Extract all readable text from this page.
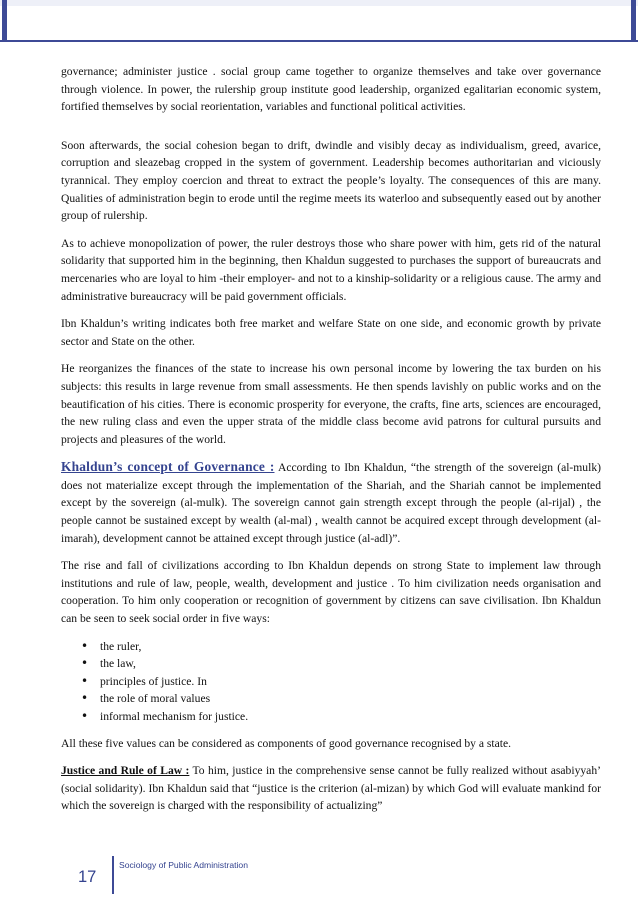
governance; administer justice . social group came together to organize themselves and take over governance through violence. In power, the rulership group institute good leadership, organized egalitarian economic system, fortified themselves by social reorientation, variables and functional political activities.

Soon afterwards, the social cohesion began to drift, dwindle and visibly decay as individualism, greed, avarice, corruption and sleazebag cropped in the system of government. Leadership becomes authoritarian and viciously tyrannical. They employ coercion and threat to extract the people’s loyalty. The consequences of this are many. Qualities of administration begin to erode until the regime meets its waterloo and subsequently eased out by another group of rulership.

As to achieve monopolization of power, the ruler destroys those who share power with him, gets rid of the natural solidarity that supported him in the beginning, then Khaldun suggested to purchases the support of bureaucrats and mercenaries who are loyal to him -their employer- and not to a kinship-solidarity or a religious cause. The army and administrative bureaucracy will be paid government officials.

Ibn Khaldun’s writing indicates both free market and welfare State on one side, and economic growth by private sector and State on the other.

He reorganizes the finances of the state to increase his own personal income by lowering the tax burden on his subjects: this results in large revenue from small assessments. He then spends lavishly on public works and on the beautification of his cities. There is economic prosperity for everyone, the crafts, fine arts, sciences are encouraged, the new ruling class and even the upper strata of the middle class become avid patrons for cultural pursuits and projects and pleasures of the world.

Khaldun’s concept of Governance : According to Ibn Khaldun, “the strength of the sovereign (al-mulk) does not materialize except through the implementation of the Shariah, and the Shariah cannot be implemented except by the sovereign (al-mulk). The sovereign cannot gain strength except through the people (al-rijal) , the people cannot be sustained except by wealth (al-mal) , wealth cannot be acquired except through development (al-imarah), development cannot be attained except through justice (al-adl)”.

The rise and fall of civilizations according to Ibn Khaldun depends on strong State to implement law through institutions and rule of law, people, wealth, development and justice . To him civilization needs organisation and cooperation. To him only cooperation or recognition of government by citizens can save civilisation. Ibn Khaldun can be seen to seek social order in five ways:

• the ruler,
• the law,
• principles of justice. In
• the role of moral values
• informal mechanism for justice.

All these five values can be considered as components of good governance recognised by a state.

Justice and Rule of Law : To him, justice in the comprehensive sense cannot be fully realized without asabiyyah’ (social solidarity). Ibn Khaldun said that “justice is the criterion (al-mizan) by which God will evaluate mankind for which the sovereign is charged with the responsibility of actualizing”

17
Sociology of Public Administration
